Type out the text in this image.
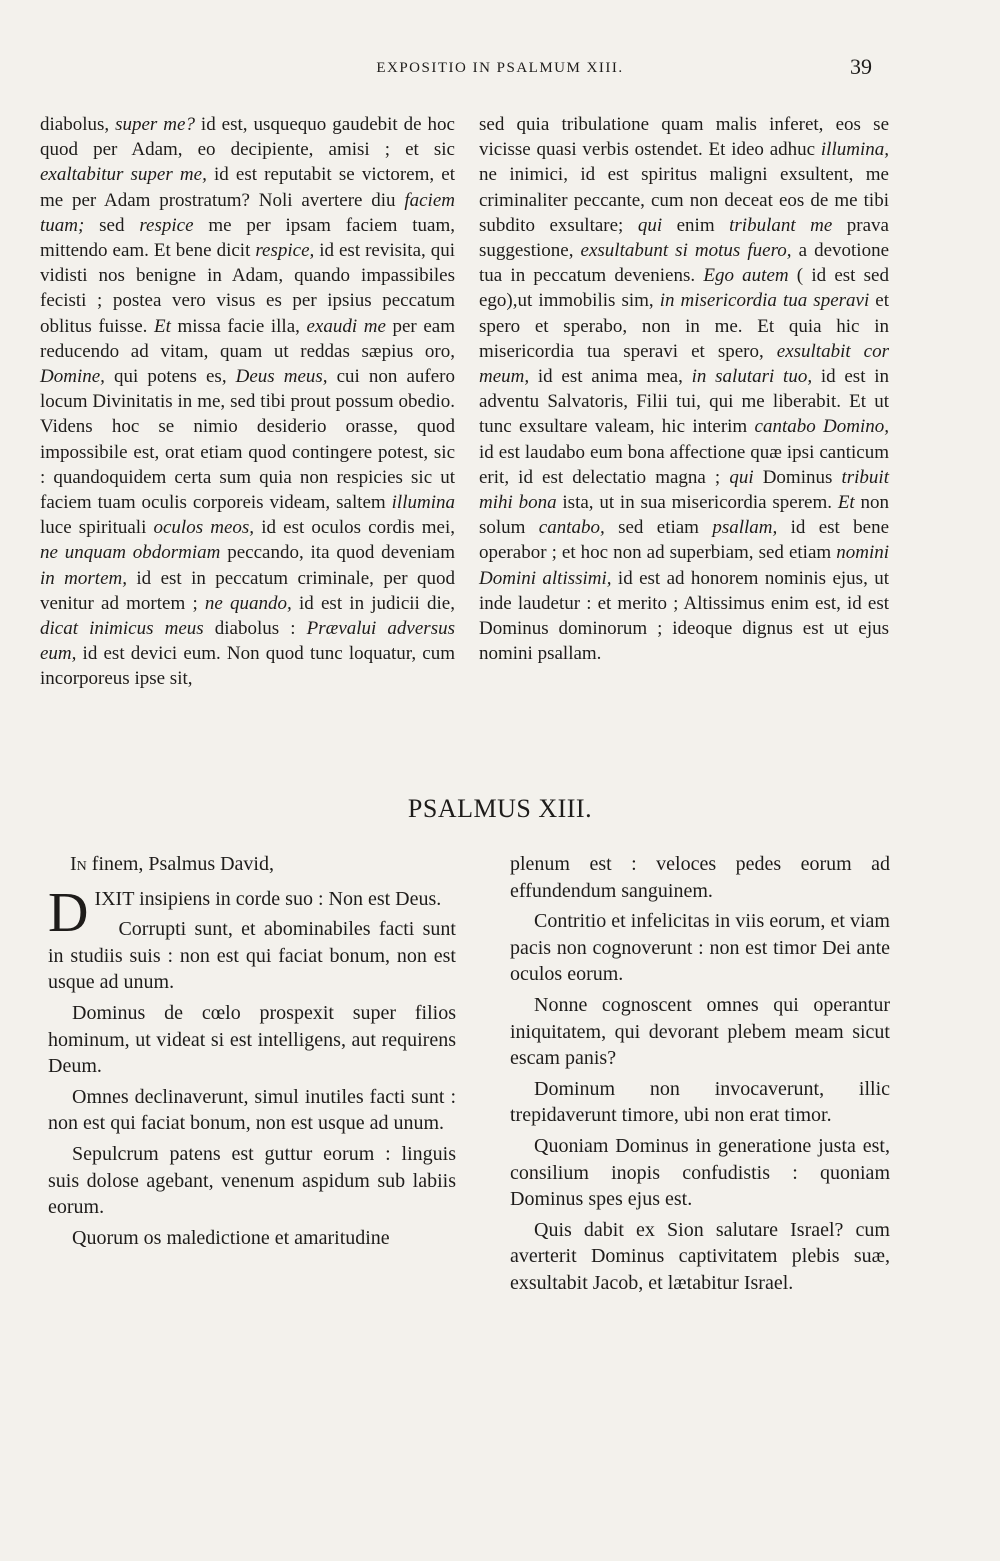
EXPOSITIO IN PSALMUM XIII.	39

diabolus, super me? id est, usquequo gaudebit de hoc quod per Adam, eo decipiente, amisi ; et sic exaltabitur super me, id est reputabit se victorem, et me per Adam prostratum? Noli avertere diu faciem tuam; sed respice me per ipsam faciem tuam, mittendo eam. Et bene dicit respice, id est revisita, qui vidisti nos benigne in Adam, quando impassibiles fecisti ; postea vero visus es per ipsius peccatum oblitus fuisse. Et missa facie illa, exaudi me per eam reducendo ad vitam, quam ut reddas sæpius oro, Domine, qui potens es, Deus meus, cui non aufero locum Divinitatis in me, sed tibi prout possum obedio. Videns hoc se nimio desiderio orasse, quod impossibile est, orat etiam quod contingere potest, sic : quandoquidem certa sum quia non respicies sic ut faciem tuam oculis corporeis videam, saltem illumina luce spirituali oculos meos, id est oculos cordis mei, ne unquam obdormiam peccando, ita quod deveniam in mortem, id est in peccatum criminale, per quod venitur ad mortem ; ne quando, id est in judicii die, dicat inimicus meus diabolus : Prævalui adversus eum, id est devici eum. Non quod tunc loquatur, cum incorporeus ipse sit,

sed quia tribulatione quam malis inferet, eos se vicisse quasi verbis ostendet. Et ideo adhuc illumina, ne inimici, id est spiritus maligni exsultent, me criminaliter peccante, cum non deceat eos de me tibi subdito exsultare; qui enim tribulant me prava suggestione, exsultabunt si motus fuero, a devotione tua in peccatum deveniens. Ego autem ( id est sed ego),ut immobilis sim, in misericordia tua speravi et spero et sperabo, non in me. Et quia hic in misericordia tua speravi et spero, exsultabit cor meum, id est anima mea, in salutari tuo, id est in adventu Salvatoris, Filii tui, qui me liberabit. Et ut tunc exsultare valeam, hic interim cantabo Domino, id est laudabo eum bona affectione quæ ipsi canticum erit, id est delectatio magna ; qui Dominus tribuit mihi bona ista, ut in sua misericordia sperem. Et non solum cantabo, sed etiam psallam, id est bene operabor ; et hoc non ad superbiam, sed etiam nomini Domini altissimi, id est ad honorem nominis ejus, ut inde laudetur : et merito ; Altissimus enim est, id est Dominus dominorum ; ideoque dignus est ut ejus nomini psallam.

PSALMUS XIII.

In finem, Psalmus David,

DIXIT insipiens in corde suo : Non est Deus.

Corrupti sunt, et abominabiles facti sunt in studiis suis : non est qui faciat bonum, non est usque ad unum.

Dominus de cœlo prospexit super filios hominum, ut videat si est intelligens, aut requirens Deum.

Omnes declinaverunt, simul inutiles facti sunt : non est qui faciat bonum, non est usque ad unum.

Sepulcrum patens est guttur eorum : linguis suis dolose agebant, venenum aspidum sub labiis eorum.

Quorum os maledictione et amaritudine

plenum est : veloces pedes eorum ad effundendum sanguinem.

Contritio et infelicitas in viis eorum, et viam pacis non cognoverunt : non est timor Dei ante oculos eorum.

Nonne cognoscent omnes qui operantur iniquitatem, qui devorant plebem meam sicut escam panis?

Dominum non invocaverunt, illic trepidaverunt timore, ubi non erat timor.

Quoniam Dominus in generatione justa est, consilium inopis confudistis : quoniam Dominus spes ejus est.

Quis dabit ex Sion salutare Israel? cum averterit Dominus captivitatem plebis suæ, exsultabit Jacob, et lætabitur Israel.
